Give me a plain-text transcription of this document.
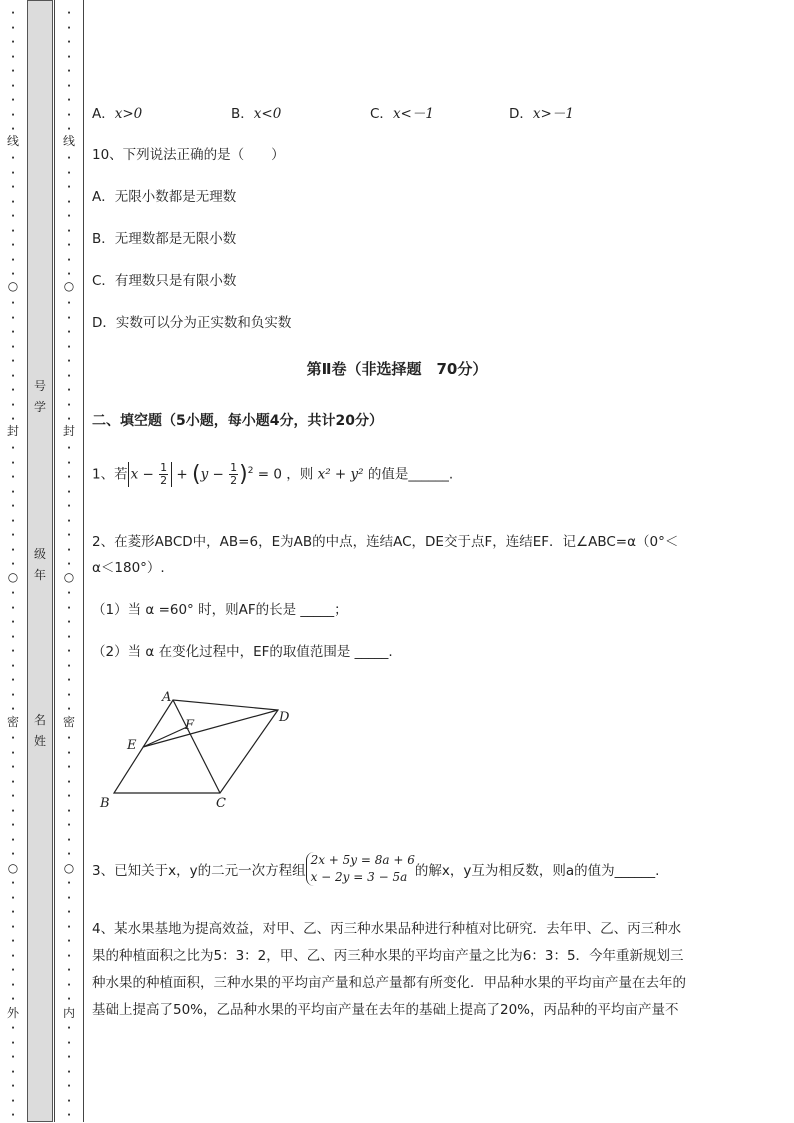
线
封
密
外
○
○
○
·
·
·
·
·
·
·
·
·
·
·
·
·
·
·
·
·
·
·
·
·
·
·
·
·
·
·
·
·
·
·
·
·
·
·
·
·
·
·
·
·
·
·
·
·
·
·
·
·
·
·
·
·
·
·
·
·
·
·
·
·
·
·
·
·
·
·
·
·
·
号
学
级
年
名
姓
线
封
密
内
○
○
○
·
·
·
·
·
·
·
·
·
·
·
·
·
·
·
·
·
·
·
·
·
·
·
·
·
·
·
·
·
·
·
·
·
·
·
·
·
·
·
·
·
·
·
·
·
·
·
·
·
·
·
·
·
·
·
·
·
·
·
·
·
·
·
·
·
·
·
·
·
·
A．x>0	B．x<0	C．x<－1	D．x>－1
10、下列说法正确的是（　　）
A．无限小数都是无理数
B．无理数都是无限小数
C．有理数只是有限小数
D．实数可以分为正实数和负实数
第Ⅱ卷（非选择题　70分）
二、填空题（5小题，每小题4分，共计20分）
1、若 $x - \frac{1}{2} + (y - \frac{1}{2} )^2 = 0$ ，则 x² + y² 的值是______.
2、在菱形ABCD中，AB=6，E为AB的中点，连结AC，DE交于点F，连结EF．记∠ABC=α（0°＜
α＜180°）.
（1）当 α =60° 时，则AF的长是 _____；
（2）当 α 在变化过程中，EF的取值范围是 _____.
A
B	C
D
E
F
3、已知关于x，y的二元一次方程组
2x + 5y = 8a + 6
x − 2y = 3 − 5a 的解x，y互为相反数，则a的值为______.
4、某水果基地为提高效益，对甲、乙、丙三种水果品种进行种植对比研究．去年甲、乙、丙三种水
果的种植面积之比为5：3：2，甲、乙、丙三种水果的平均亩产量之比为6：3：5．今年重新规划三
种水果的种植面积，三种水果的平均亩产量和总产量都有所变化．甲品种水果的平均亩产量在去年的
基础上提高了50%，乙品种水果的平均亩产量在去年的基础上提高了20%，丙品种的平均亩产量不
